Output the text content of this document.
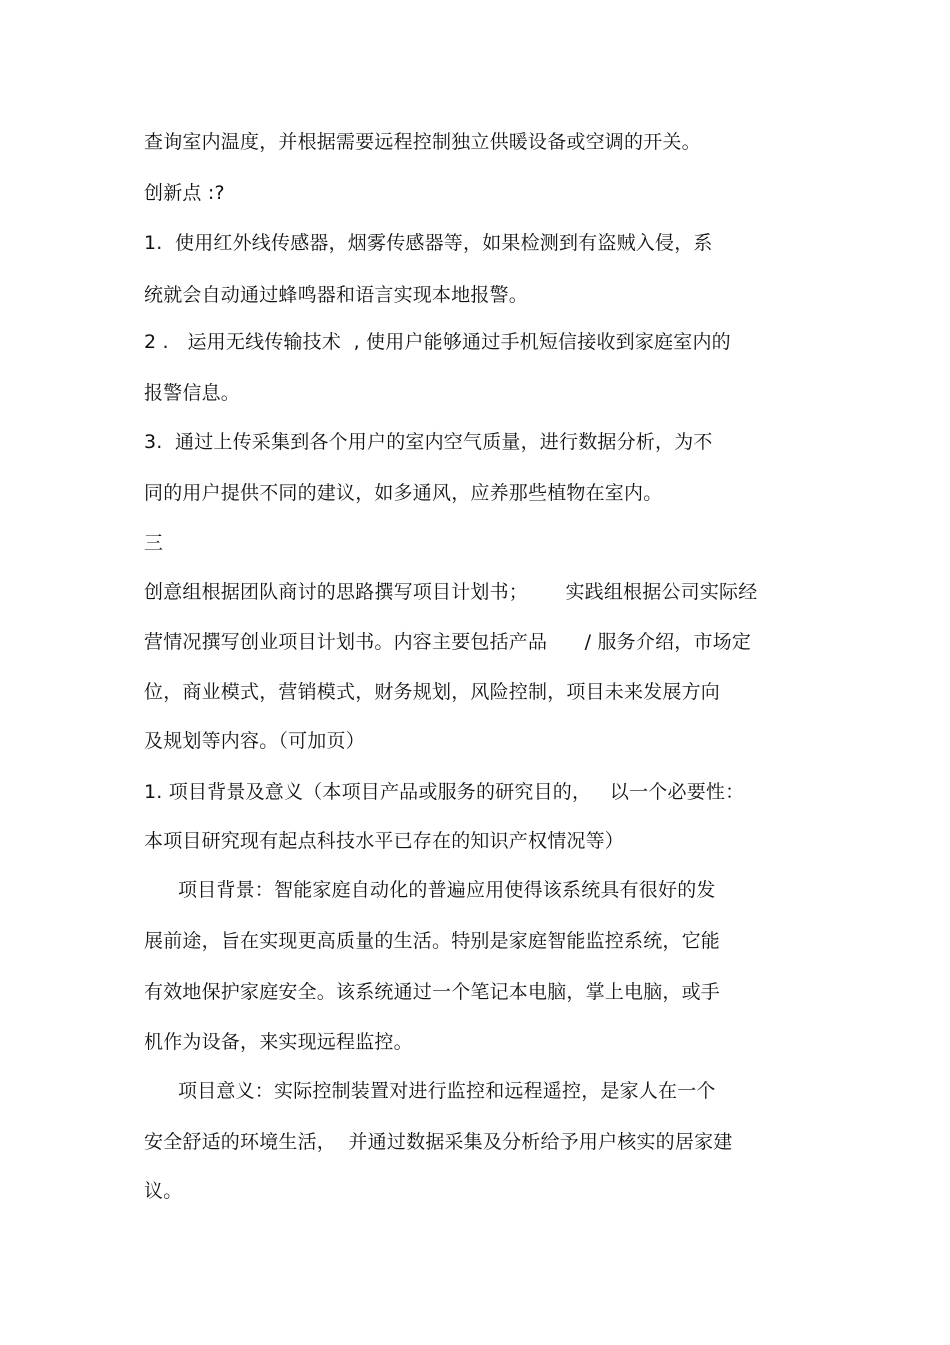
查询室内温度，并根据需要远程控制独立供暖设备或空调的开关。
创新点 :?
1.  使用红外线传感器，烟雾传感器等，如果检测到有盗贼入侵，系
统就会自动通过蜂鸣器和语言实现本地报警。
2 .   运用无线传输技术  , 使用户能够通过手机短信接收到家庭室内的
报警信息。
3.  通过上传采集到各个用户的室内空气质量，进行数据分析，为不
同的用户提供不同的建议，如多通风，应养那些植物在室内。
三
创意组根据团队商讨的思路撰写项目计划书；      实践组根据公司实际经
营情况撰写创业项目计划书。内容主要包括产品      / 服务介绍，市场定
位，商业模式，营销模式，财务规划，风险控制，项目未来发展方向
及规划等内容。（可加页）
1. 项目背景及意义（本项目产品或服务的研究目的，   以一个必要性：
本项目研究现有起点科技水平已存在的知识产权情况等）
项目背景：智能家庭自动化的普遍应用使得该系统具有很好的发
展前途，旨在实现更高质量的生活。特别是家庭智能监控系统，它能
有效地保护家庭安全。该系统通过一个笔记本电脑，掌上电脑，或手
机作为设备，来实现远程监控。
项目意义：实际控制装置对进行监控和远程遥控，是家人在一个
安全舒适的环境生活，  并通过数据采集及分析给予用户核实的居家建
议。
